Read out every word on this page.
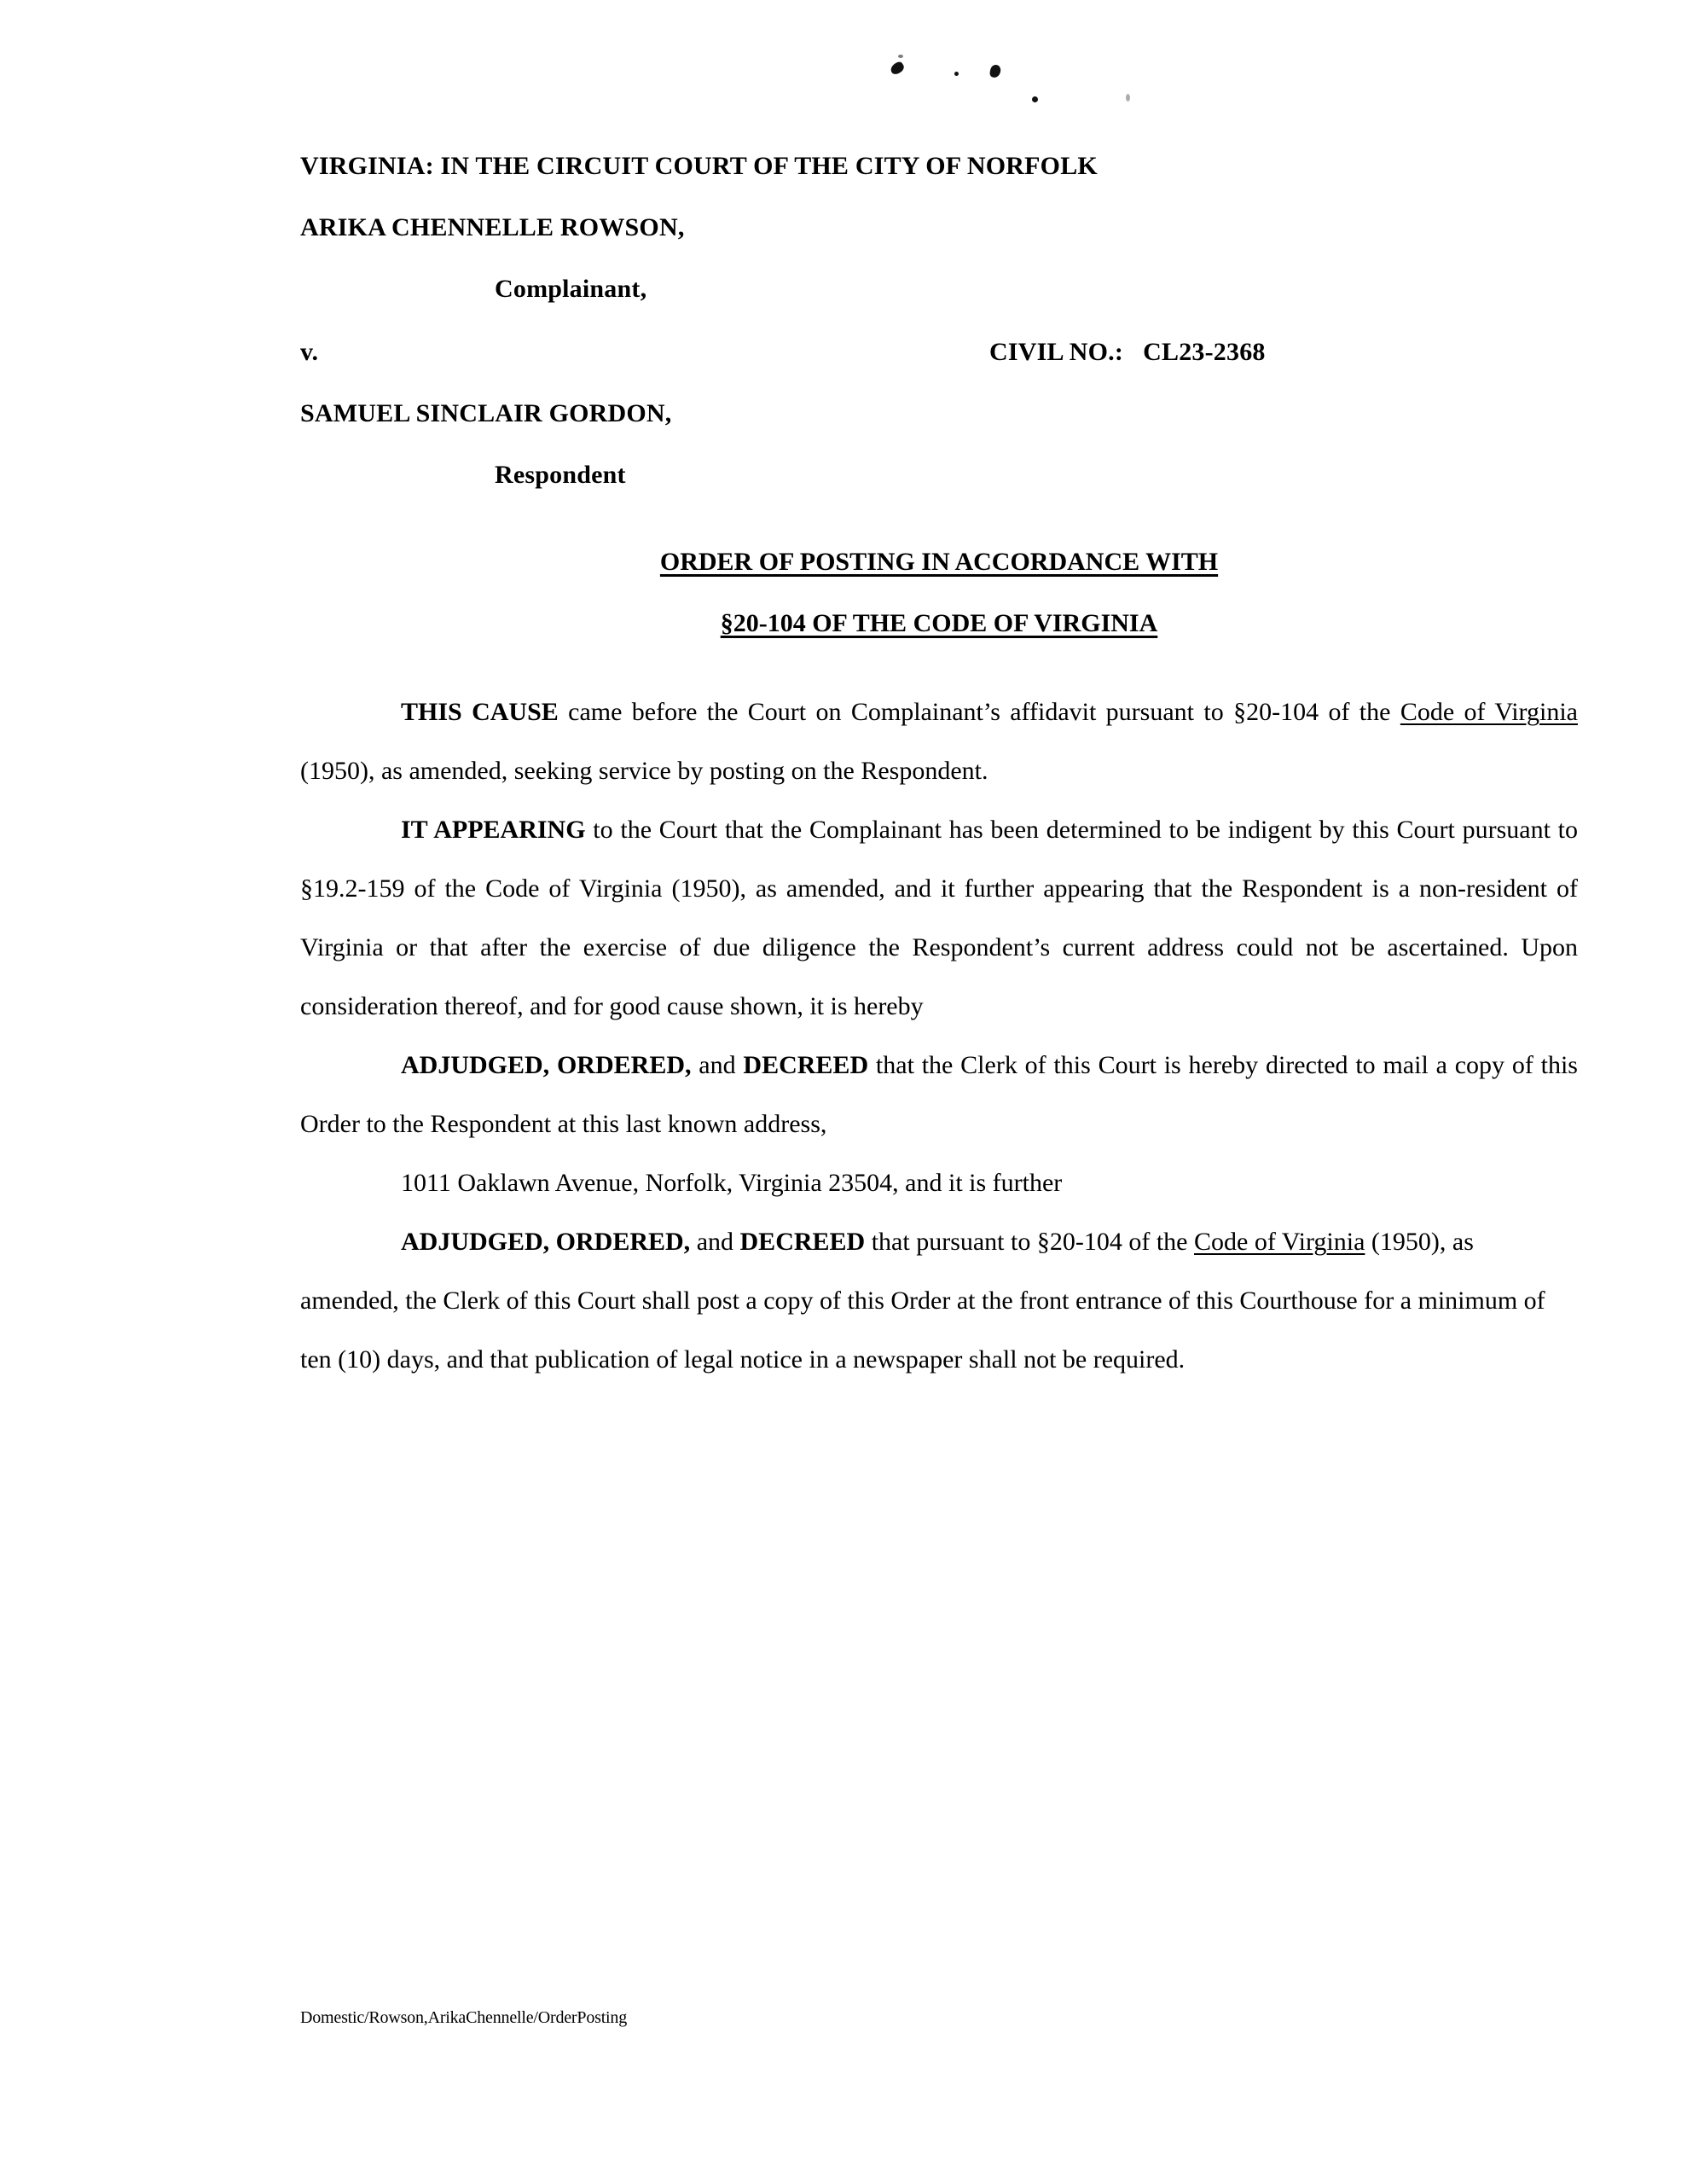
VIRGINIA: IN THE CIRCUIT COURT OF THE CITY OF NORFOLK
ARIKA CHENNELLE ROWSON,
Complainant,
v.	CIVIL NO.:   CL23-2368
SAMUEL SINCLAIR GORDON,
Respondent
ORDER OF POSTING IN ACCORDANCE WITH
§20-104 OF THE CODE OF VIRGINIA

THIS CAUSE came before the Court on Complainant’s affidavit pursuant to §20-104 of the Code of Virginia (1950), as amended, seeking service by posting on the Respondent.

IT APPEARING to the Court that the Complainant has been determined to be indigent by this Court pursuant to §19.2-159 of the Code of Virginia (1950), as amended, and it further appearing that the Respondent is a non-resident of Virginia or that after the exercise of due diligence the Respondent’s current address could not be ascertained. Upon consideration thereof, and for good cause shown, it is hereby

ADJUDGED, ORDERED, and DECREED that the Clerk of this Court is hereby directed to mail a copy of this Order to the Respondent at this last known address,

1011 Oaklawn Avenue, Norfolk, Virginia 23504, and it is further

ADJUDGED, ORDERED, and DECREED that pursuant to §20-104 of the Code of Virginia (1950), as amended, the Clerk of this Court shall post a copy of this Order at the front entrance of this Courthouse for a minimum of ten (10) days, and that publication of legal notice in a newspaper shall not be required.

Domestic/Rowson,ArikaChennelle/OrderPosting
